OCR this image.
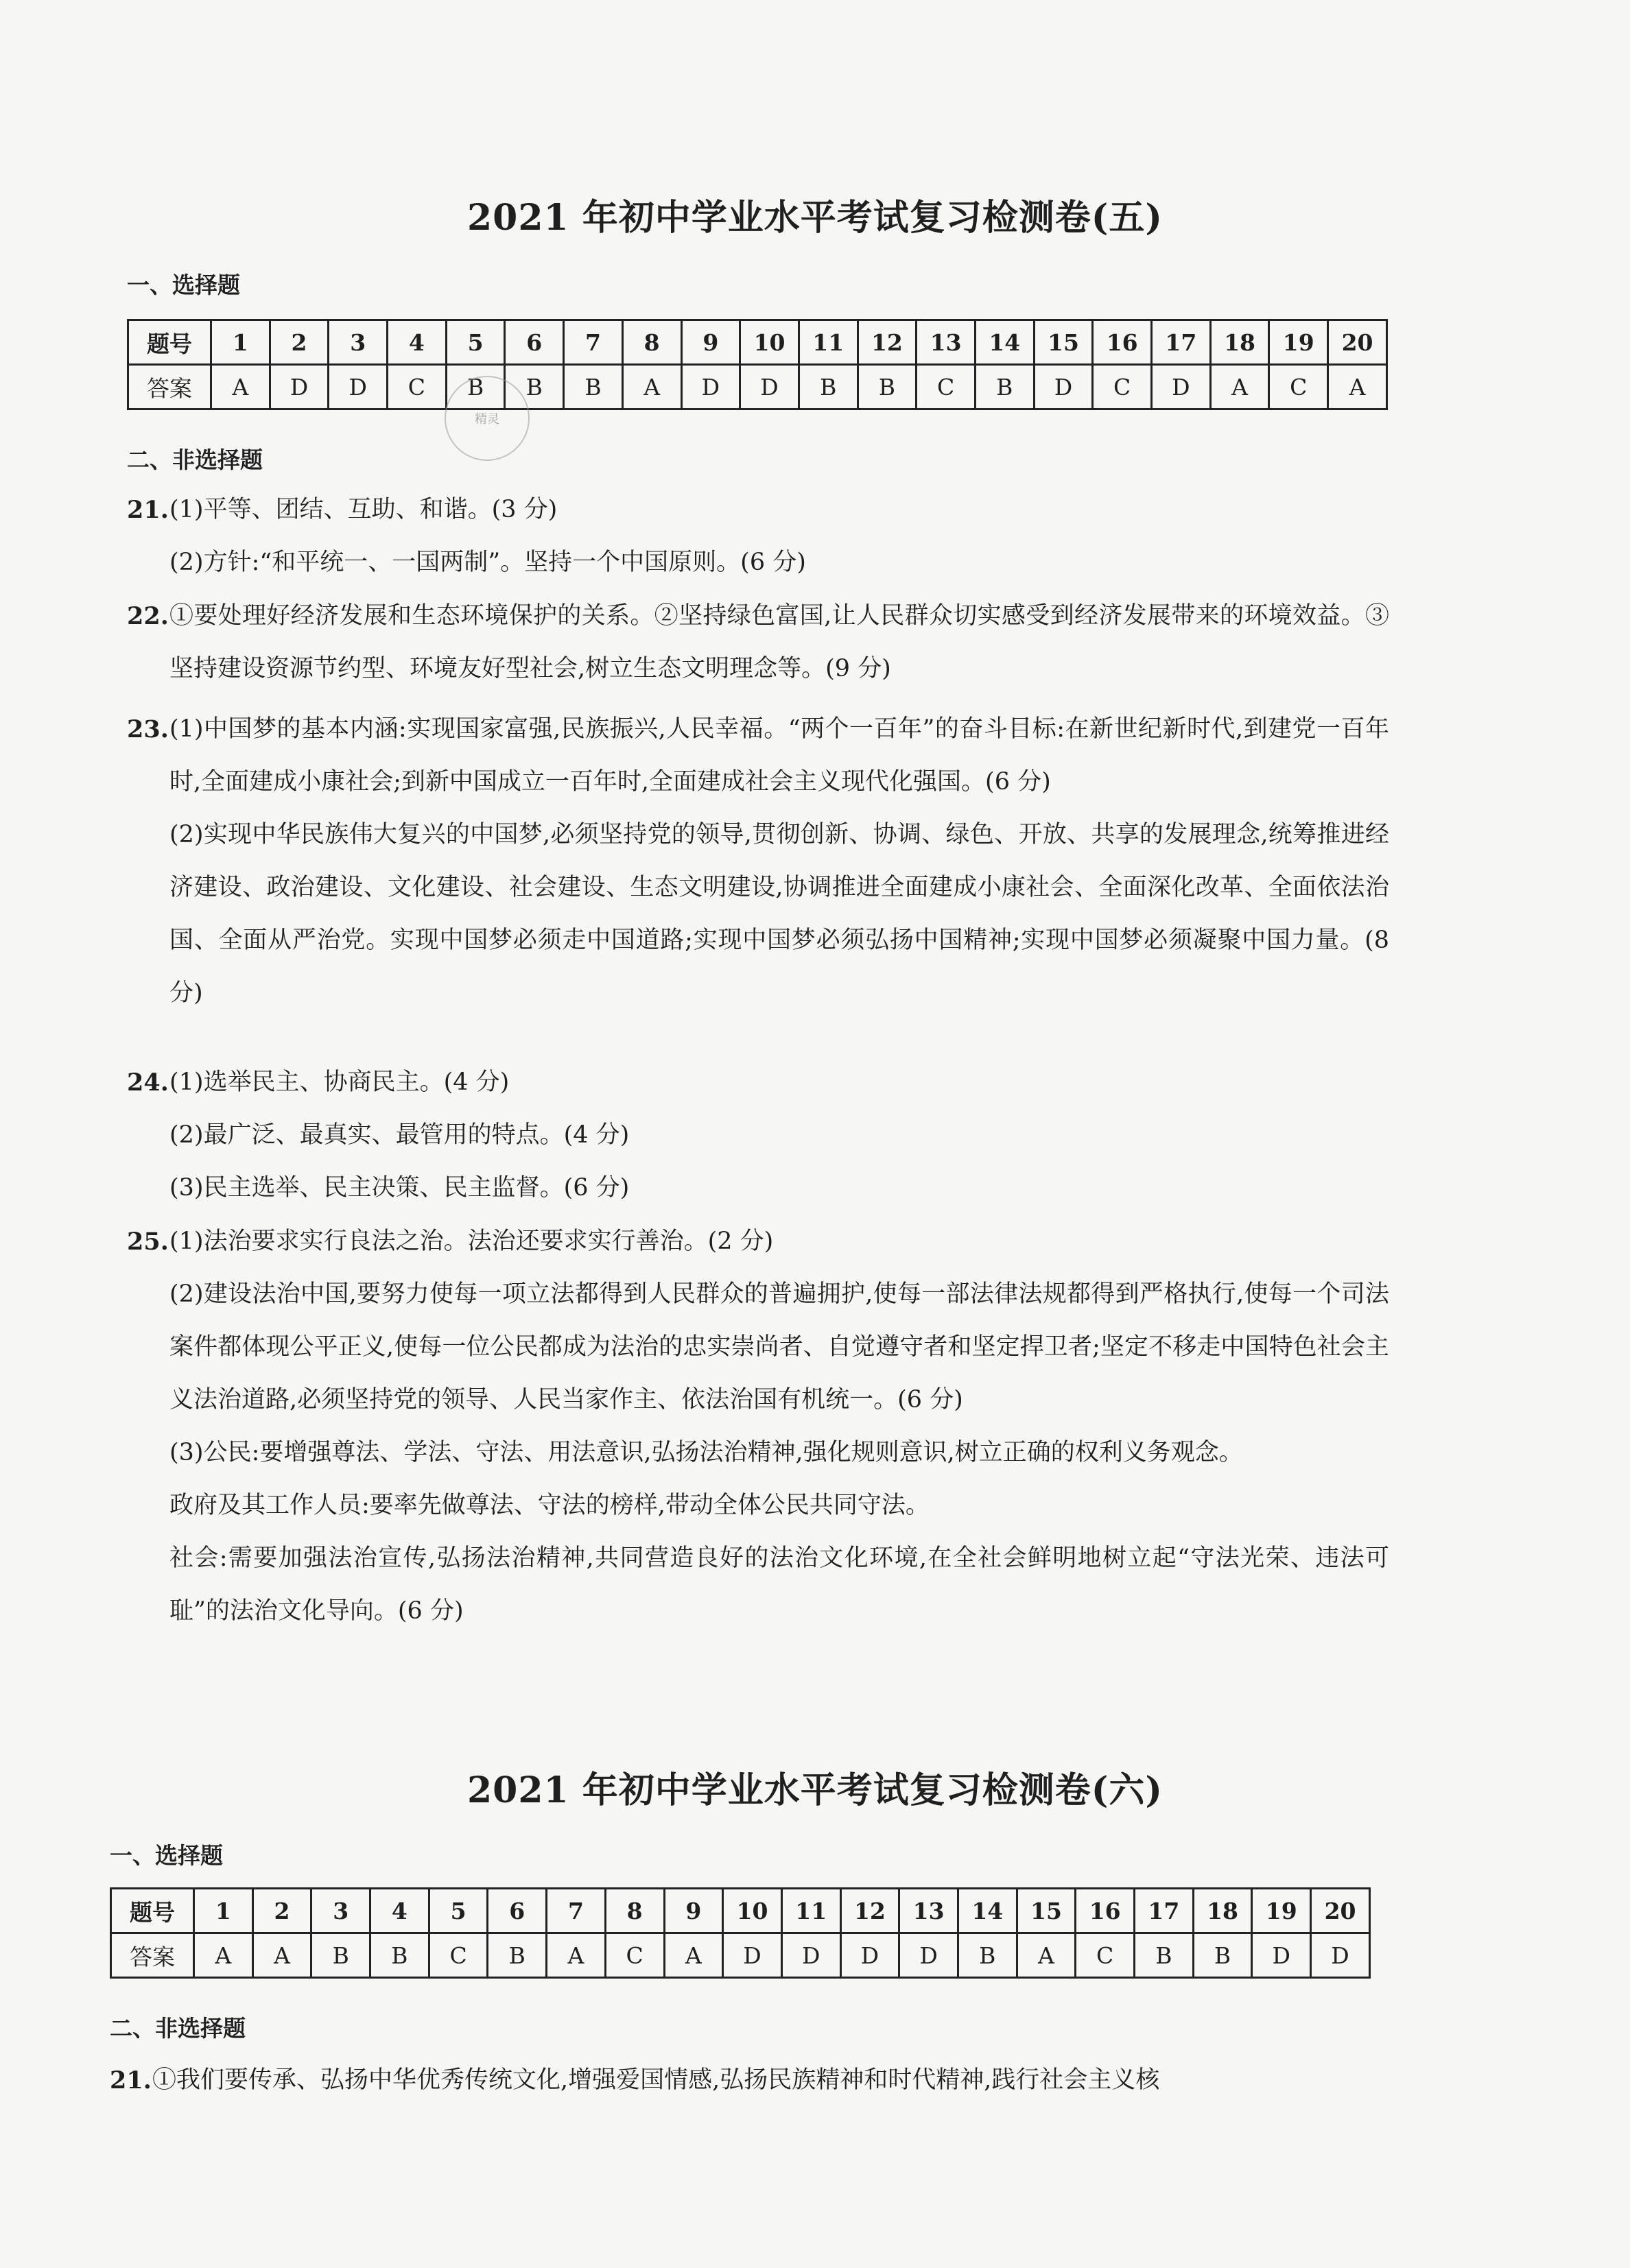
2021 年初中学业水平考试复习检测卷(五)
一、选择题
题号	1	2	3	4	5	6	7	8	9	10	11	12	13	14	15	16	17	18	19	20
答案	A	D	D	C	B	B	B	A	D	D	B	B	C	B	D	C	D	A	C	A
精灵
二、非选择题
21. (1)平等、团结、互助、和谐。(3 分)

(2)方针:“和平统一、一国两制”。坚持一个中国原则。(6 分)

22. ①要处理好经济发展和生态环境保护的关系。②坚持绿色富国,让人民群众切实感受到经济发展带来的环境效益。③坚持建设资源节约型、环境友好型社会,树立生态文明理念等。(9 分)

23. (1)中国梦的基本内涵:实现国家富强,民族振兴,人民幸福。“两个一百年”的奋斗目标:在新世纪新时代,到建党一百年时,全面建成小康社会;到新中国成立一百年时,全面建成社会主义现代化强国。(6 分)

(2)实现中华民族伟大复兴的中国梦,必须坚持党的领导,贯彻创新、协调、绿色、开放、共享的发展理念,统筹推进经济建设、政治建设、文化建设、社会建设、生态文明建设,协调推进全面建成小康社会、全面深化改革、全面依法治国、全面从严治党。实现中国梦必须走中国道路;实现中国梦必须弘扬中国精神;实现中国梦必须凝聚中国力量。(8 分)

24. (1)选举民主、协商民主。(4 分)

(2)最广泛、最真实、最管用的特点。(4 分)

(3)民主选举、民主决策、民主监督。(6 分)

25. (1)法治要求实行良法之治。法治还要求实行善治。(2 分)

(2)建设法治中国,要努力使每一项立法都得到人民群众的普遍拥护,使每一部法律法规都得到严格执行,使每一个司法案件都体现公平正义,使每一位公民都成为法治的忠实崇尚者、自觉遵守者和坚定捍卫者;坚定不移走中国特色社会主义法治道路,必须坚持党的领导、人民当家作主、依法治国有机统一。(6 分)

(3)公民:要增强尊法、学法、守法、用法意识,弘扬法治精神,强化规则意识,树立正确的权利义务观念。

政府及其工作人员:要率先做尊法、守法的榜样,带动全体公民共同守法。

社会:需要加强法治宣传,弘扬法治精神,共同营造良好的法治文化环境,在全社会鲜明地树立起“守法光荣、违法可耻”的法治文化导向。(6 分)

2021 年初中学业水平考试复习检测卷(六)
一、选择题
题号	1	2	3	4	5	6	7	8	9	10	11	12	13	14	15	16	17	18	19	20
答案	A	A	B	B	C	B	A	C	A	D	D	D	D	B	A	C	B	B	D	D
二、非选择题
21. ①我们要传承、弘扬中华优秀传统文化,增强爱国情感,弘扬民族精神和时代精神,践行社会主义核
